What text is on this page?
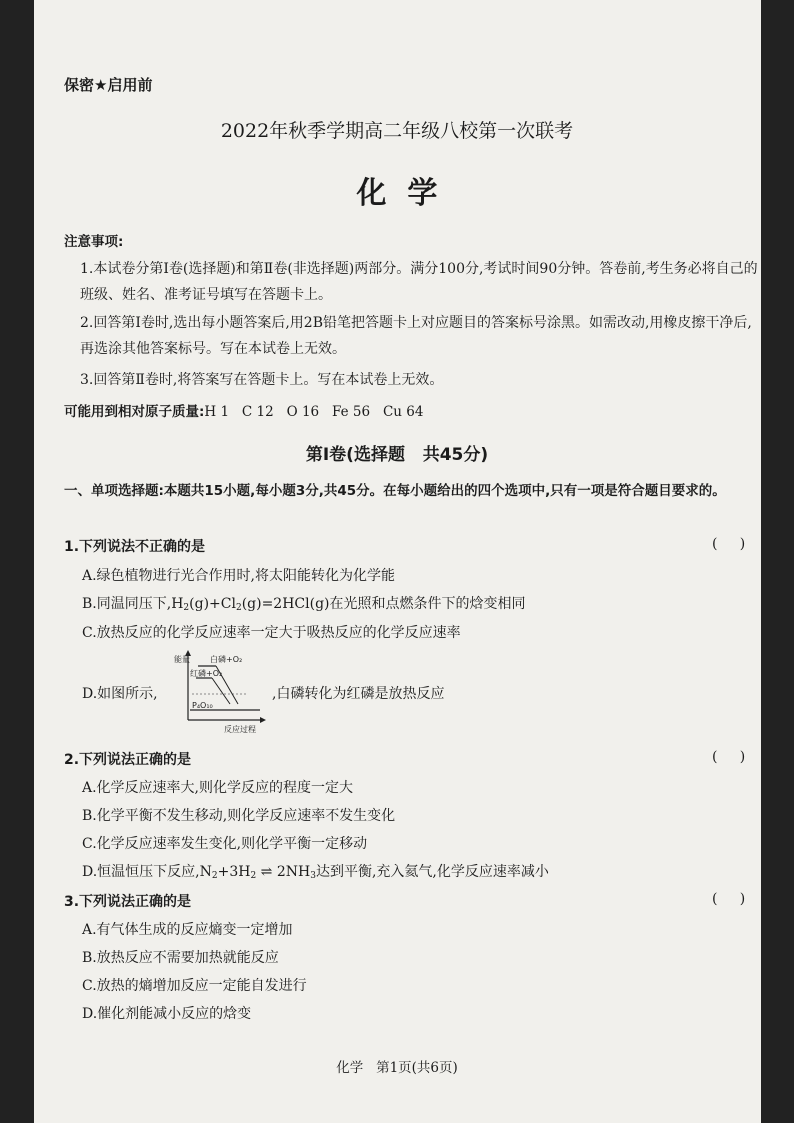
保密★启用前
2022年秋季学期高二年级八校第一次联考
化  学
注意事项:
1.本试卷分第Ⅰ卷(选择题)和第Ⅱ卷(非选择题)两部分。满分100分,考试时间90分钟。答卷前,考生务必将自己的班级、姓名、准考证号填写在答题卡上。
2.回答第Ⅰ卷时,选出每小题答案后,用2B铅笔把答题卡上对应题目的答案标号涂黑。如需改动,用橡皮擦干净后,再选涂其他答案标号。写在本试卷上无效。
3.回答第Ⅱ卷时,将答案写在答题卡上。写在本试卷上无效。
可能用到相对原子质量:H 1   C 12   O 16   Fe 56   Cu 64
第Ⅰ卷(选择题   共45分)
一、单项选择题:本题共15小题,每小题3分,共45分。在每小题给出的四个选项中,只有一项是符合题目要求的。
1.下列说法不正确的是	(     )
A.绿色植物进行光合作用时,将太阳能转化为化学能
B.同温同压下$,H_2(g)+Cl_2(g)=2HCl(g)$在光照和点燃条件下的焓变相同
C.放热反应的化学反应速率一定大于吸热反应的化学反应速率
D.如图所示,
能量	白磷+O₂
红磷+O₂
P₄O₁₀
反应过程
,白磷转化为红磷是放热反应
2.下列说法正确的是	(     )
A.化学反应速率大,则化学反应的程度一定大
B.化学平衡不发生移动,则化学反应速率不发生变化
C.化学反应速率发生变化,则化学平衡一定移动
D.恒温恒压下反应$,N_2+3H_2$ ⇌ $2NH_3$达到平衡,充入氦气,化学反应速率减小
3.下列说法正确的是	(     )
A.有气体生成的反应熵变一定增加
B.放热反应不需要加热就能反应
C.放热的熵增加反应一定能自发进行
D.催化剂能减小反应的焓变
化学   第1页(共6页)
